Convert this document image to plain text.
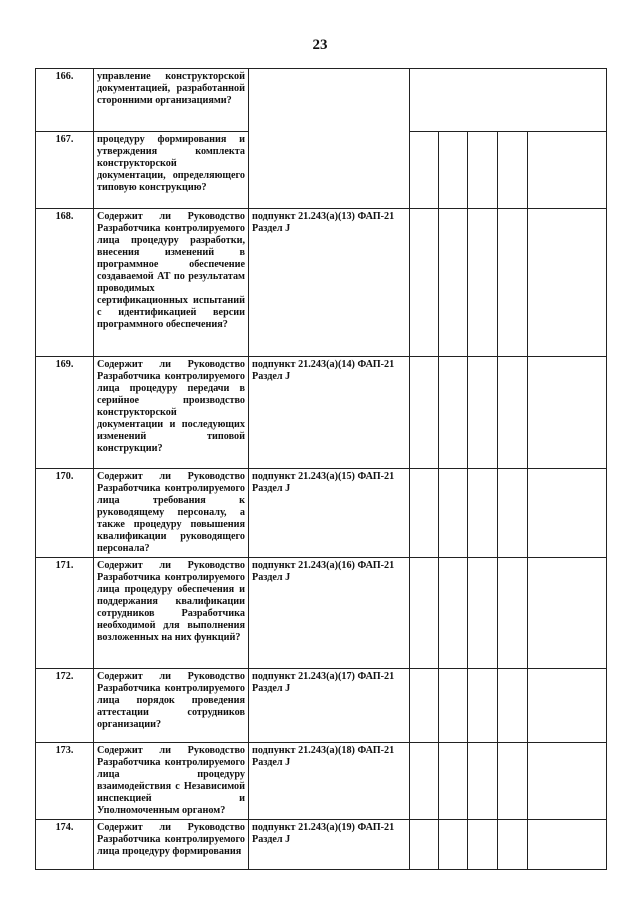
23
166.	управление конструкторской документацией, разработанной сторонними организациями?						
167.	процедуру формирования и утверждения комплекта конструкторской документации, определяющего типовую конструкцию?						
168.	Содержит ли Руководство Разработчика контролируемого лица процедуру разработки, внесения изменений в программное обеспечение создаваемой АТ по результатам проводимых сертификационных испытаний с идентификацией версии программного обеспечения?	подпункт 21.243(а)(13) ФАП-21
Раздел J					

169.	Содержит ли Руководство Разработчика контролируемого лица процедуру передачи в серийное производство конструкторской документации и последующих изменений типовой конструкции?	подпункт 21.243(а)(14) ФАП-21
Раздел J					

170.	Содержит ли Руководство Разработчика контролируемого лица требования к руководящему персоналу, а также процедуру повышения квалификации руководящего персонала?	подпункт 21.243(а)(15) ФАП-21
Раздел J					

171.	Содержит ли Руководство Разработчика контролируемого лица процедуру обеспечения и поддержания квалификации сотрудников Разработчика необходимой для выполнения возложенных на них функций?	подпункт 21.243(а)(16) ФАП-21
Раздел J					

172.	Содержит ли Руководство Разработчика контролируемого лица порядок проведения аттестации сотрудников организации?	подпункт 21.243(а)(17) ФАП-21
Раздел J					

173.	Содержит ли Руководство Разработчика контролируемого лица процедуру взаимодействия с Независимой инспекцией и Уполномоченным органом?	подпункт 21.243(а)(18) ФАП-21
Раздел J					

174.	Содержит ли Руководство Разработчика контролируемого лица процедуру формирования	подпункт 21.243(а)(19) ФАП-21
Раздел J					
